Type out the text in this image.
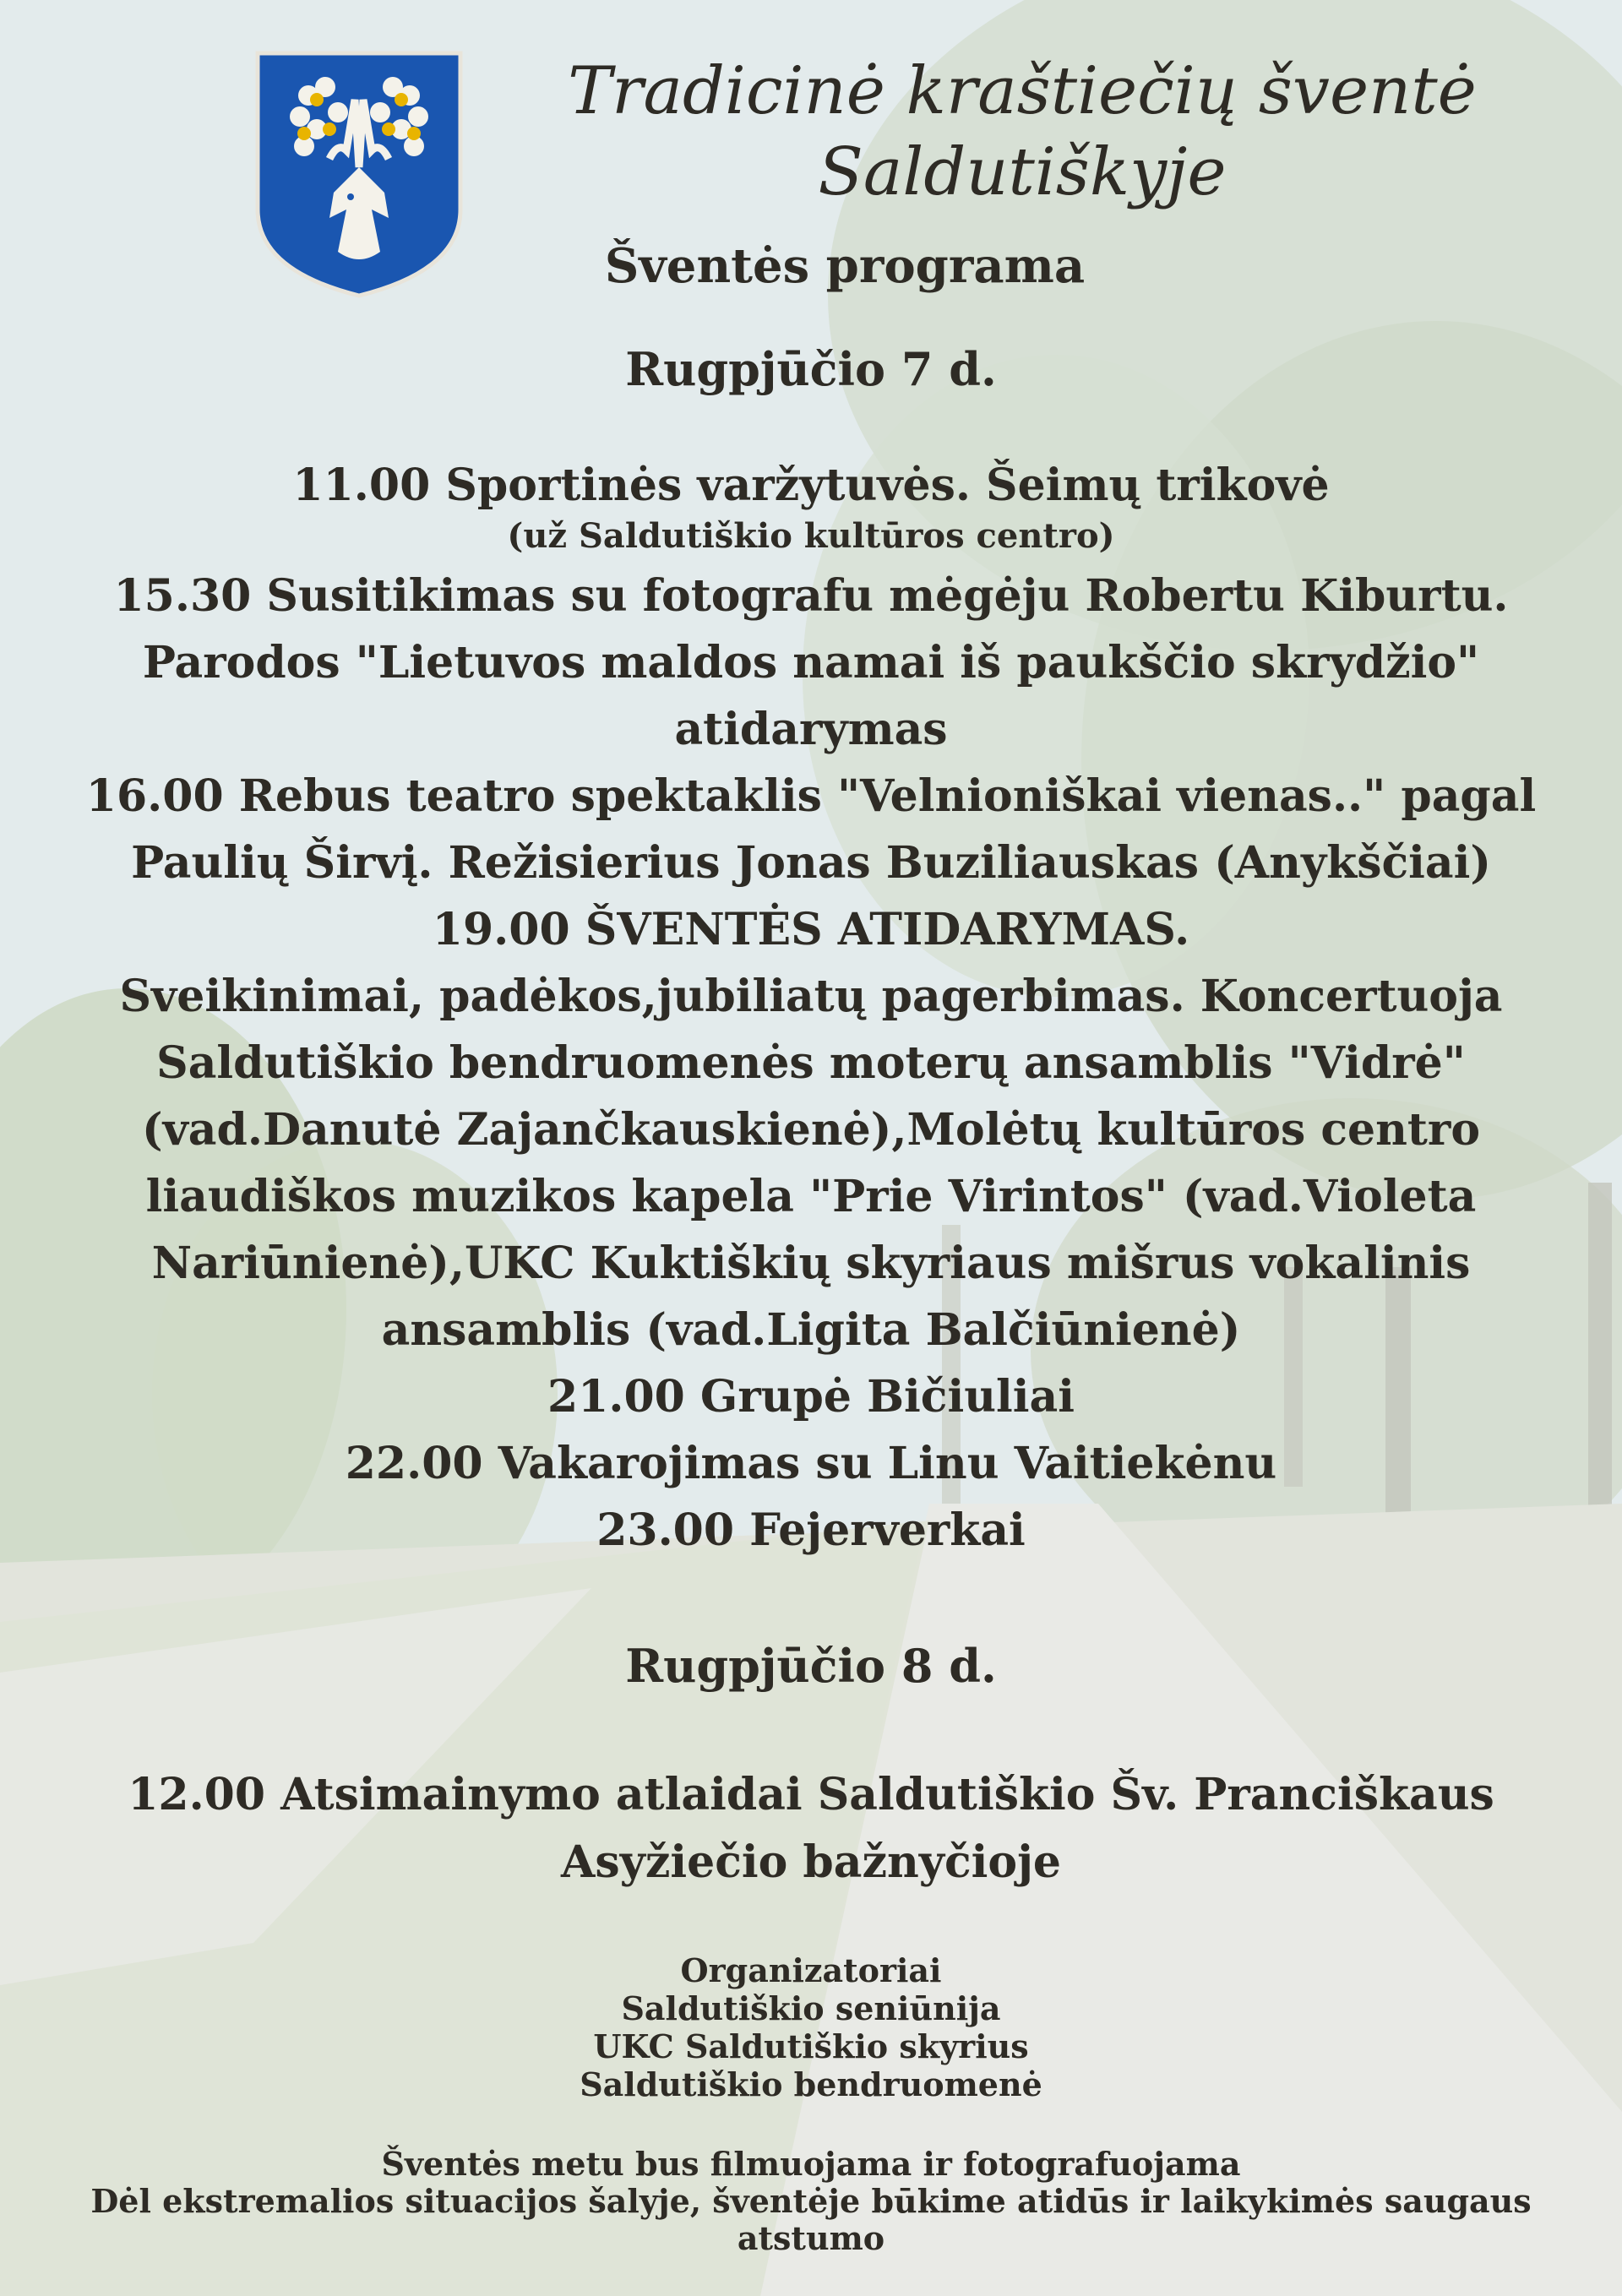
Tradicinė kraštiečių šventė
Saldutiškyje
Šventės programa
Rugpjūčio 7 d.
11.00 Sportinės varžytuvės. Šeimų trikovė
(už Saldutiškio kultūros centro)
15.30 Susitikimas su fotografu mėgėju Robertu Kiburtu.
Parodos "Lietuvos maldos namai iš paukščio skrydžio"
atidarymas
16.00 Rebus teatro spektaklis "Velnioniškai vienas.." pagal
Paulių Širvį. Režisierius Jonas Buziliauskas (Anykščiai)
19.00 ŠVENTĖS ATIDARYMAS.
Sveikinimai, padėkos,jubiliatų pagerbimas. Koncertuoja
Saldutiškio bendruomenės moterų ansamblis "Vidrė"
(vad.Danutė Zajančkauskienė),Molėtų kultūros centro
liaudiškos muzikos kapela "Prie Virintos" (vad.Violeta
Nariūnienė),UKC Kuktiškių skyriaus mišrus vokalinis
ansamblis (vad.Ligita Balčiūnienė)
21.00 Grupė Bičiuliai
22.00 Vakarojimas su Linu Vaitiekėnu
23.00 Fejerverkai
Rugpjūčio 8 d.
12.00 Atsimainymo atlaidai Saldutiškio Šv. Pranciškaus
Asyžiečio bažnyčioje
Organizatoriai
Saldutiškio seniūnija
UKC Saldutiškio skyrius
Saldutiškio bendruomenė
Šventės metu bus filmuojama ir fotografuojama
Dėl ekstremalios situacijos šalyje, šventėje būkime atidūs ir laikykimės saugaus
atstumo
